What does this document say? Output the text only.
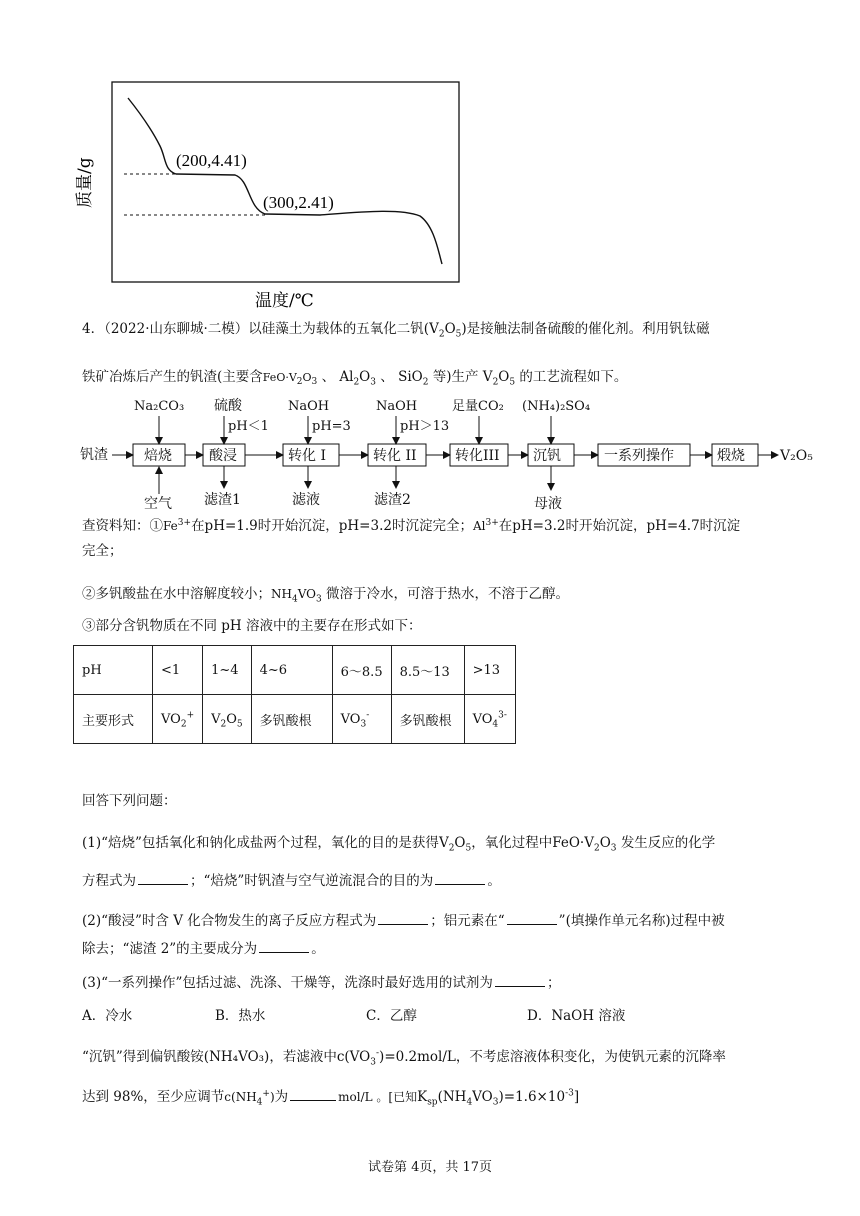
(200,4.41)
(300,2.41)
质量/g
温度/℃
4．（2022·山东聊城·二模）以硅藻土为载体的五氧化二钒$(V_2O_5)$是接触法制备硫酸的催化剂。利用钒钛磁
铁矿冶炼后产生的钒渣(主要含$FeO\cdot V_2O_3$ 、 $Al_2O_3$ 、 SiO$_2$ 等)生产 $V_2O_5$ 的工艺流程如下。
钒渣	焙烧	酸浸	转化 I	转化 II	转化III 沉钒	一系列操作	煅烧	V₂O₅
Na₂CO₃ 硫酸
pH＜1
NaOH
pH=3
NaOH
pH＞13
足量CO₂ (NH₄)₂SO₄
空气 滤渣1	滤液	滤渣2	母液
查资料知：$①Fe^{3+}$在pH=1.9时开始沉淀，pH=3.2时沉淀完全；$Al^{3+}$在pH=3.2时开始沉淀，pH=4.7时沉淀
完全；
②多钒酸盐在水中溶解度较小；$NH_4VO_3$ 微溶于冷水，可溶于热水，不溶于乙醇。
③部分含钒物质在不同 pH 溶液中的主要存在形式如下：
pH	<1	1~4	4~6	6～8.5	8.5～13	>13
主要形式	$VO_2^+$	$V_2O_5$	多钒酸根	$VO_3^-$	多钒酸根	$VO_4^{3-}$
回答下列问题：
(1)“焙烧”包括氧化和钠化成盐两个过程，氧化的目的是获得$V_2O_5$，氧化过程中$FeO\cdot V_2O_3$ 发生反应的化学
方程式为	；“焙烧”时钒渣与空气逆流混合的目的为	。
(2)“酸浸”时含 V 化合物发生的离子反应方程式为	；铝元素在“	”(填操作单元名称)过程中被
除去；“滤渣 2”的主要成分为	。
(3)“一系列操作”包括过滤、洗涤、干燥等，洗涤时最好选用的试剂为	；
A．冷水	B．热水	C．乙醇	D．NaOH 溶液
“沉钒”得到偏钒酸铵(NH₄VO₃)，若滤液中$c(VO_3^-)=0.2mol/L$，不考虑溶液体积变化，为使钒元素的沉降率
达到 98%，至少应调节$c(NH_4^+)$为	mol/L 。[已知$K_{sp}(NH_4VO_3)=1.6\times 10^{-3}$]
试卷第 4页，共 17页
